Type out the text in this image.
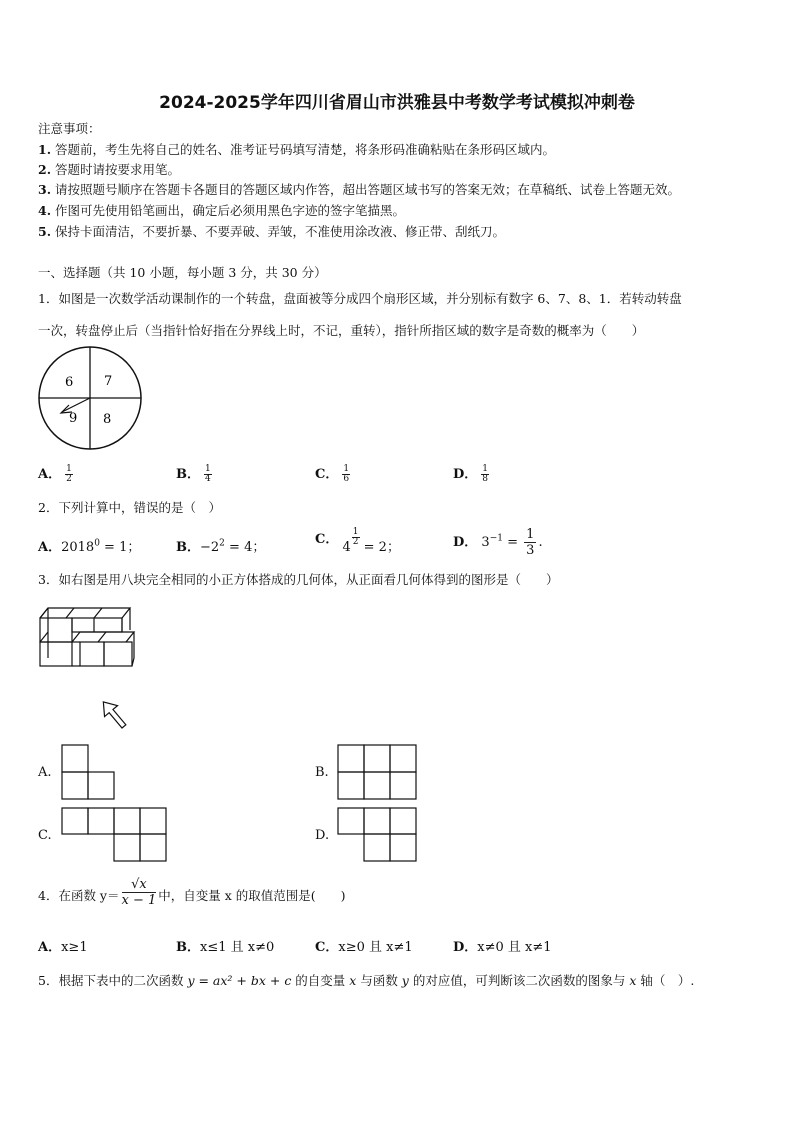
2024-2025学年四川省眉山市洪雅县中考数学考试模拟冲刺卷
注意事项：
1. 答题前，考生先将自己的姓名、准考证号码填写清楚，将条形码准确粘贴在条形码区域内。
2. 答题时请按要求用笔。
3. 请按照题号顺序在答题卡各题目的答题区域内作答，超出答题区域书写的答案无效；在草稿纸、试卷上答题无效。
4. 作图可先使用铅笔画出，确定后必须用黑色字迹的签字笔描黑。
5. 保持卡面清洁，不要折暴、不要弄破、弄皱，不准使用涂改液、修正带、刮纸刀。
一、选择题（共 10 小题，每小题 3 分，共 30 分）
1．如图是一次数学活动课制作的一个转盘，盘面被等分成四个扇形区域，并分别标有数字 6、7、8、1．若转动转盘
一次，转盘停止后（当指针恰好指在分界线上时，不记，重转），指针所指区域的数字是奇数的概率为（　　）
6 7
9 8
A． $\frac{1}{2}$	B． $\frac{1}{4}$	C． $\frac{1}{6}$	D． $\frac{1}{8}$
2．下列计算中，错误的是（　）
A．$2018^0 = 1$；	B．$-2^2 = 4$；
C． 4
$\frac{1}{2}$
= 2；	D． $3^{-1} = \frac{1}{3}$ .
3．如右图是用八块完全相同的小正方体搭成的几何体，从正面看几何体得到的图形是（　　）
A.	B.
C.	D.
4．在函数 $y= \frac{√x}{x - 1}$ 中，自变量 x 的取值范围是(　　)
A．x≥1	B．x≤1 且 x≠0	C．x≥0 且 x≠1	D．x≠0 且 x≠1
5．根据下表中的二次函数 y = ax² + bx + c 的自变量 x 与函数 y 的对应值，可判断该二次函数的图象与 x 轴（　）.
